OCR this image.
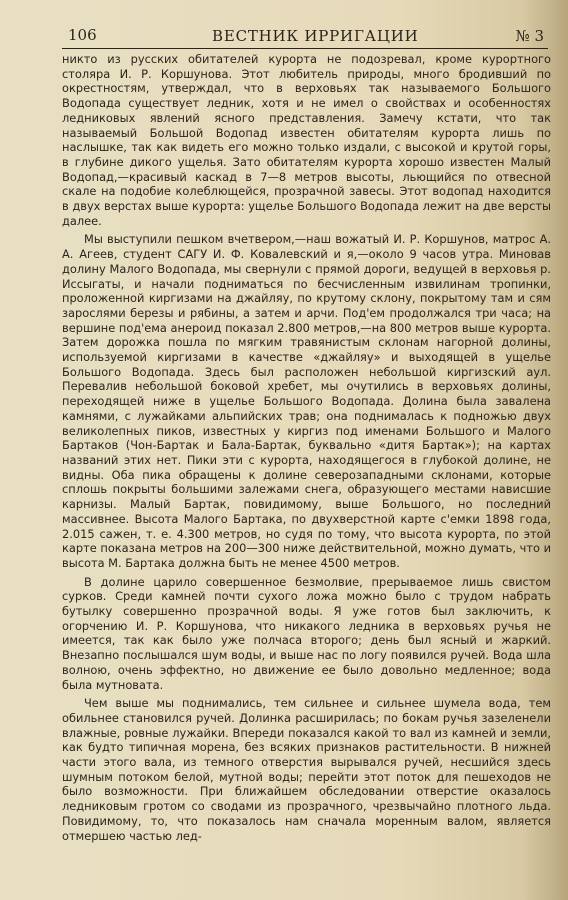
106	ВЕСТНИК ИРРИГАЦИИ	№ 3

никто из русских обитателей курорта не подозревал, кроме курортного столяра И. Р. Коршунова. Этот любитель природы, много бродивший по окрестностям, утверждал, что в верховьях так называемого Большого Водопада существует ледник, хотя и не имел о свойствах и особенностях ледниковых явлений ясного представления. Замечу кстати, что так называемый Большой Водопад известен обитателям курорта лишь по наслышке, так как видеть его можно только издали, с высокой и крутой горы, в глубине дикого ущелья. Зато обитателям курорта хорошо известен Малый Водопад,—красивый каскад в 7—8 метров высоты, льющийся по отвесной скале на подобие колеблющейся, прозрачной завесы. Этот водопад находится в двух верстах выше курорта: ущелье Большого Водопада лежит на две версты далее.

Мы выступили пешком вчетвером,—наш вожатый И. Р. Коршунов, матрос А. А. Агеев, студент САГУ И. Ф. Ковалевский и я,—около 9 часов утра. Миновав долину Малого Водопада, мы свернули с прямой дороги, ведущей в верховья р. Иссыгаты, и начали подниматься по бесчисленным извилинам тропинки, проложенной киргизами на джайляу, по крутому склону, покрытому там и сям зарослями березы и рябины, а затем и арчи. Под'ем продолжался три часа; на вершине под'ема анероид показал 2.800 метров,—на 800 метров выше курорта. Затем дорожка пошла по мягким травянистым склонам нагорной долины, используемой киргизами в качестве «джайляу» и выходящей в ущелье Большого Водопада. Здесь был расположен небольшой киргизский аул. Перевалив небольшой боковой хребет, мы очутились в верховьях долины, переходящей ниже в ущелье Большого Водопада. Долина была завалена камнями, с лужайками альпийских трав; она поднималась к подножью двух великолепных пиков, известных у киргиз под именами Большого и Малого Бартаков (Чон-Бартак и Бала-Бартак, буквально «дитя Бартак»); на картах названий этих нет. Пики эти с курорта, находящегося в глубокой долине, не видны. Оба пика обращены к долине северозападными склонами, которые сплошь покрыты большими залежами снега, образующего местами нависшие карнизы. Малый Бартак, повидимому, выше Большого, но последний массивнее. Высота Малого Бартака, по двухверстной карте с'емки 1898 года, 2.015 сажен, т. е. 4.300 метров, но судя по тому, что высота курорта, по этой карте показана метров на 200—300 ниже действительной, можно думать, что и высота М. Бартака должна быть не менее 4500 метров.

В долине царило совершенное безмолвие, прерываемое лишь свистом сурков. Среди камней почти сухого ложа можно было с трудом набрать бутылку совершенно прозрачной воды. Я уже готов был заключить, к огорчению И. Р. Коршунова, что никакого ледника в верховьях ручья не имеется, так как было уже полчаса второго; день был ясный и жаркий. Внезапно послышался шум воды, и выше нас по логу появился ручей. Вода шла волною, очень эффектно, но движение ее было довольно медленное; вода была мутновата.

Чем выше мы поднимались, тем сильнее и сильнее шумела вода, тем обильнее становился ручей. Долинка расширилась; по бокам ручья зазеленели влажные, ровные лужайки. Впереди показался какой то вал из камней и земли, как будто типичная морена, без всяких признаков растительности. В нижней части этого вала, из темного отверстия вырывался ручей, несшийся здесь шумным потоком белой, мутной воды; перейти этот поток для пешеходов не было возможности. При ближайшем обследовании отверстие оказалось ледниковым гротом со сводами из прозрачного, чрезвычайно плотного льда. Повидимому, то, что показалось нам сначала моренным валом, является отмершею частью лед-
